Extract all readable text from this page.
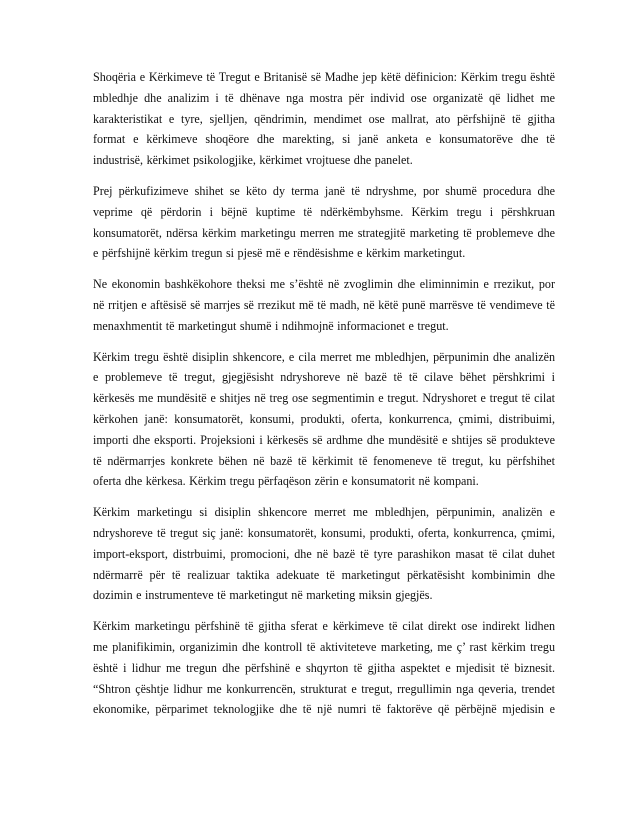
Shoqëria e Kërkimeve të Tregut e Britanisë së Madhe jep këtë dëfinicion: Kërkim tregu është
mbledhje dhe analizim i të dhënave nga mostra për individ ose organizatë që lidhet me
karakteristikat e tyre, sjelljen, qëndrimin, mendimet ose mallrat, ato përfshijnë të gjitha
format e kërkimeve shoqëore dhe marekting, si janë anketa e konsumatorëve dhe të
industrisë, kërkimet psikologjike, kërkimet vrojtuese dhe panelet.

Prej përkufizimeve shihet se këto dy terma janë të ndryshme, por shumë procedura dhe
veprime që përdorin i bëjnë kuptime të ndërkëmbyhsme. Kërkim tregu i përshkruan
konsumatorët, ndërsa kërkim marketingu merren me strategjitë marketing të problemeve dhe
e përfshijnë kërkim tregun si pjesë më e rëndësishme e kërkim marketingut.

Ne ekonomin bashkëkohore theksi me s’është në zvoglimin dhe eliminnimin e rrezikut, por
në rritjen e aftësisë së marrjes së rrezikut më të madh, në këtë punë marrësve të vendimeve të
menaxhmentit të marketingut shumë i ndihmojnë informacionet e tregut.

Kërkim tregu është disiplin shkencore, e cila merret me mbledhjen, përpunimin dhe analizën
e problemeve të tregut, gjegjësisht ndryshoreve në bazë të të cilave bëhet përshkrimi i
kërkesës me mundësitë e shitjes në treg ose segmentimin e tregut. Ndryshoret e tregut të cilat
kërkohen janë: konsumatorët, konsumi, produkti, oferta, konkurrenca, çmimi, distribuimi,
importi dhe eksporti. Projeksioni i kërkesës së ardhme dhe mundësitë e shtijes së produkteve
të ndërmarrjes konkrete bëhen në bazë të kërkimit të fenomeneve të tregut, ku përfshihet
oferta dhe kërkesa. Kërkim tregu përfaqëson zërin e konsumatorit në kompani.

Kërkim marketingu si disiplin shkencore merret me mbledhjen, përpunimin, analizën e
ndryshoreve të tregut siç janë: konsumatorët, konsumi, produkti, oferta, konkurrenca, çmimi,
import-eksport, distrbuimi, promocioni, dhe në bazë të tyre parashikon masat të cilat duhet
ndërmarrë për të realizuar taktika adekuate të marketingut përkatësisht kombinimin dhe
dozimin e instrumenteve të marketingut në marketing miksin gjegjës.

Kërkim marketingu përfshinë të gjitha sferat e kërkimeve të cilat direkt ose indirekt lidhen
me planifikimin, organizimin dhe kontroll të aktiviteteve marketing, me ç’ rast kërkim tregu
është i lidhur me tregun dhe përfshinë e shqyrton të gjitha aspektet e mjedisit të biznesit.
“Shtron çështje lidhur me konkurrencën, strukturat e tregut, rregullimin nga qeveria, trendet
ekonomike, përparimet teknologjike dhe të një numri të faktorëve që përbëjnë mjedisin e
